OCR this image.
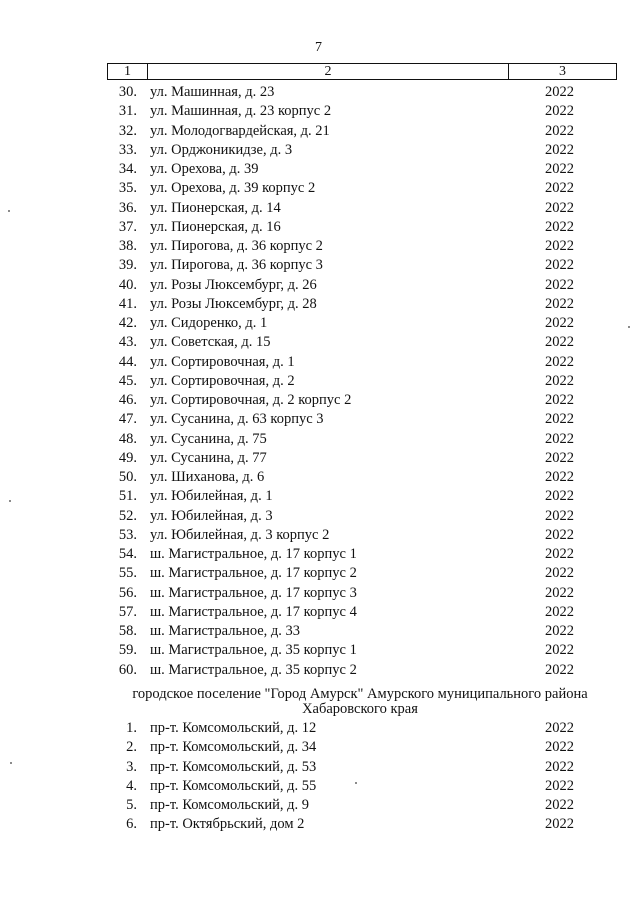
7
1	2	3
30. ул. Машинная, д. 23	2022
31. ул. Машинная, д. 23 корпус 2	2022
32. ул. Молодогвардейская, д. 21	2022
33. ул. Орджоникидзе, д. 3	2022
34. ул. Орехова, д. 39	2022
35. ул. Орехова, д. 39 корпус 2	2022
36. ул. Пионерская, д. 14	2022
37. ул. Пионерская, д. 16	2022
38. ул. Пирогова, д. 36 корпус 2	2022
39. ул. Пирогова, д. 36 корпус 3	2022
40. ул. Розы Люксембург, д. 26	2022
41. ул. Розы Люксембург, д. 28	2022
42. ул. Сидоренко, д. 1	2022
43. ул. Советская, д. 15	2022
44. ул. Сортировочная, д. 1	2022
45. ул. Сортировочная, д. 2	2022
46. ул. Сортировочная, д. 2 корпус 2	2022
47. ул. Сусанина, д. 63 корпус 3	2022
48. ул. Сусанина, д. 75	2022
49. ул. Сусанина, д. 77	2022
50. ул. Шиханова, д. 6	2022
51. ул. Юбилейная, д. 1	2022
52. ул. Юбилейная, д. 3	2022
53. ул. Юбилейная, д. 3 корпус 2	2022
54. ш. Магистральное, д. 17 корпус 1	2022
55. ш. Магистральное, д. 17 корпус 2	2022
56. ш. Магистральное, д. 17 корпус 3	2022
57. ш. Магистральное, д. 17 корпус 4	2022
58. ш. Магистральное, д. 33	2022
59. ш. Магистральное, д. 35 корпус 1	2022
60. ш. Магистральное, д. 35 корпус 2	2022
городское поселение "Город Амурск" Амурского муниципального района
Хабаровского края
1. пр-т. Комсомольский, д. 12	2022
2. пр-т. Комсомольский, д. 34	2022
3. пр-т. Комсомольский, д. 53	2022
4. пр-т. Комсомольский, д. 55	2022
5. пр-т. Комсомольский, д. 9	2022
6. пр-т. Октябрьский, дом 2	2022
